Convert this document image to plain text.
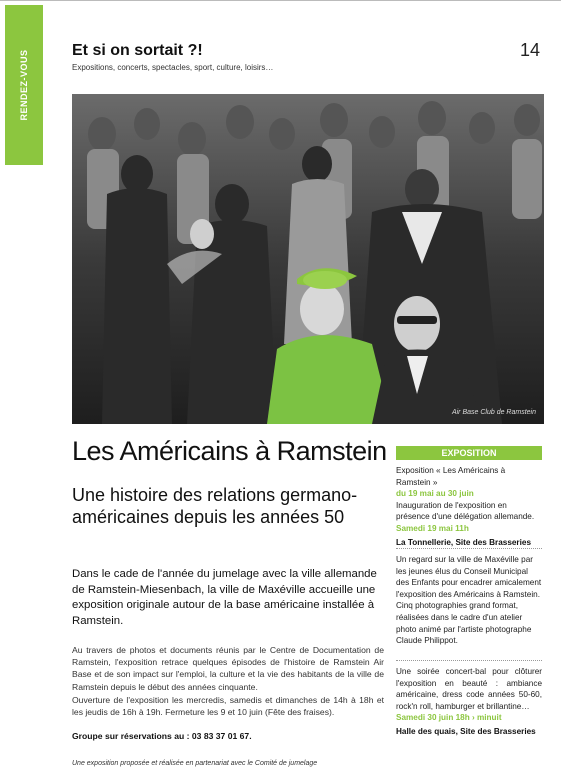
RENDEZ-VOUS	Et si on sortait ?!
Expositions, concerts, spectacles, sport, culture, loisirs…
14
Air Base Club de Ramstein
Les Américains à Ramstein
Une histoire des relations germano-américaines depuis les années 50
Dans le cade de l'année du jumelage avec la ville allemande de Ramstein-Miesenbach, la ville de Maxéville accueille une exposition originale autour de la base américaine installée à Ramstein.
Au travers de photos et documents réunis par le Centre de Documentation de Ramstein, l'exposition retrace quelques épisodes de l'histoire de Ramstein Air Base et de son impact sur l'emploi, la culture et la vie des habitants de la ville de Ramstein depuis le début des années cinquante.
Ouverture de l'exposition les mercredis, samedis et dimanches de 14h à 18h et les jeudis de 16h à 19h. Fermeture les 9 et 10 juin (Fête des fraises).
Groupe sur réservations au : 03 83 37 01 67.
Une exposition proposée et réalisée en partenariat avec le Comité de jumelage
EXPOSITION
Exposition « Les Américains à Ramstein »
du 19 mai au 30 juin
Inauguration de l'exposition en présence d'une délégation allemande.
Samedi 19 mai 11h
La Tonnellerie, Site des Brasseries
Un regard sur la ville de Maxéville par les jeunes élus du Conseil Municipal des Enfants pour encadrer amicalement l'exposition des Américains à Ramstein. Cinq photographies grand format, réalisées dans le cadre d'un atelier photo animé par l'artiste photographe Claude Philippot.
Une soirée concert-bal pour clôturer l'exposition en beauté : ambiance américaine, dress code années 50-60, rock'n roll, hamburger et brillantine…
Samedi 30 juin 18h › minuit
Halle des quais, Site des Brasseries
